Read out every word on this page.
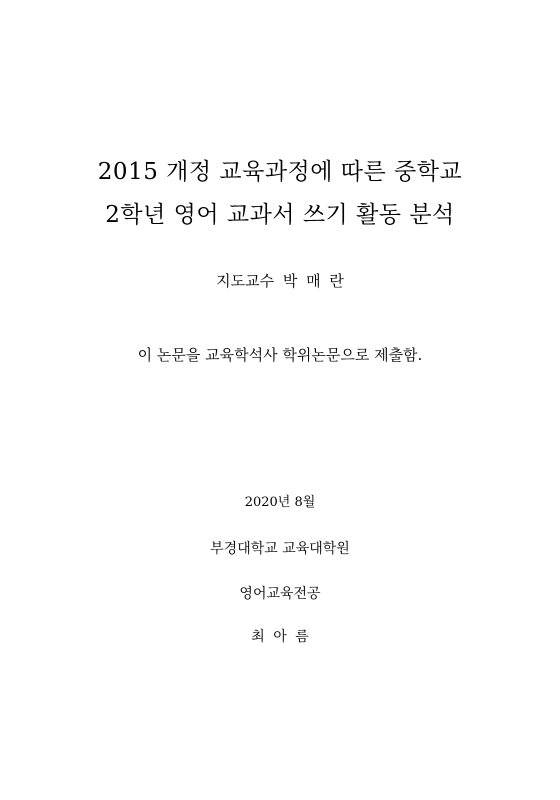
2015 개정 교육과정에 따른 중학교
2학년 영어 교과서 쓰기 활동 분석
지도교수 박 매 란
이 논문을 교육학석사 학위논문으로 제출함.
2020년 8월
부경대학교 교육대학원
영어교육전공
최 아 름
